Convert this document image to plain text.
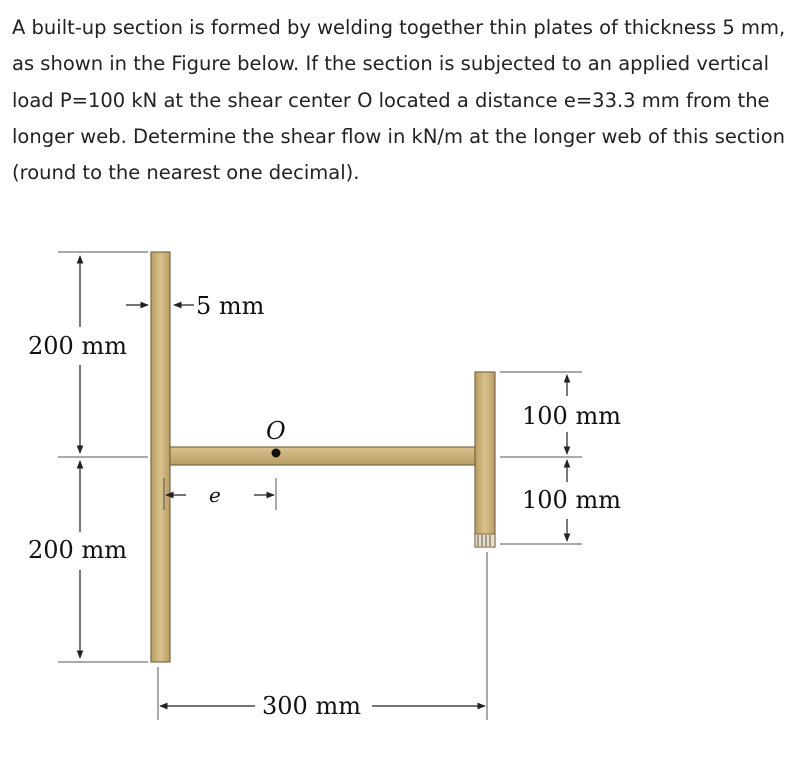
A built-up section is formed by welding together thin plates of thickness 5 mm, as shown in the Figure below. If the section is subjected to an applied vertical load P=100 kN at the shear center O located a distance e=33.3 mm from the longer web. Determine the shear flow in kN/m at the longer web of this section (round to the nearest one decimal).
200 mm
200 mm
5 mm
O
e
100 mm
100 mm
300 mm
